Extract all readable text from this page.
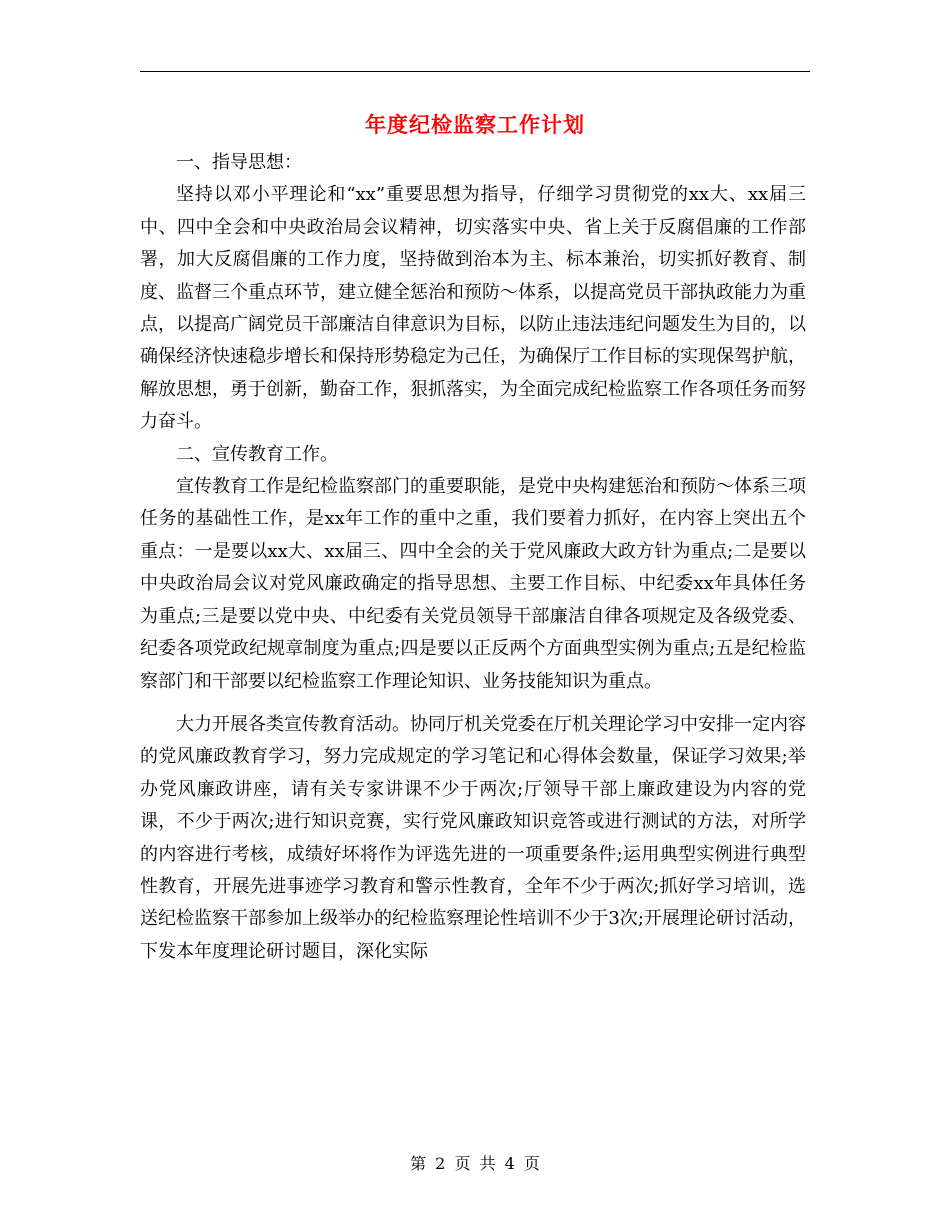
年度纪检监察工作计划

一、指导思想：

坚持以邓小平理论和“xx”重要思想为指导，仔细学习贯彻党的xx大、xx届三中、四中全会和中央政治局会议精神，切实落实中央、省上关于反腐倡廉的工作部署，加大反腐倡廉的工作力度，坚持做到治本为主、标本兼治，切实抓好教育、制度、监督三个重点环节，建立健全惩治和预防～体系，以提高党员干部执政能力为重点，以提高广阔党员干部廉洁自律意识为目标，以防止违法违纪问题发生为目的，以确保经济快速稳步增长和保持形势稳定为己任，为确保厅工作目标的实现保驾护航，解放思想，勇于创新，勤奋工作，狠抓落实，为全面完成纪检监察工作各项任务而努力奋斗。

二、宣传教育工作。

宣传教育工作是纪检监察部门的重要职能，是党中央构建惩治和预防～体系三项任务的基础性工作，是xx年工作的重中之重，我们要着力抓好，在内容上突出五个重点：一是要以xx大、xx届三、四中全会的关于党风廉政大政方针为重点;二是要以中央政治局会议对党风廉政确定的指导思想、主要工作目标、中纪委xx年具体任务为重点;三是要以党中央、中纪委有关党员领导干部廉洁自律各项规定及各级党委、纪委各项党政纪规章制度为重点;四是要以正反两个方面典型实例为重点;五是纪检监察部门和干部要以纪检监察工作理论知识、业务技能知识为重点。

大力开展各类宣传教育活动。协同厅机关党委在厅机关理论学习中安排一定内容的党风廉政教育学习，努力完成规定的学习笔记和心得体会数量，保证学习效果;举办党风廉政讲座，请有关专家讲课不少于两次;厅领导干部上廉政建设为内容的党课，不少于两次;进行知识竞赛，实行党风廉政知识竞答或进行测试的方法，对所学的内容进行考核，成绩好坏将作为评选先进的一项重要条件;运用典型实例进行典型性教育，开展先进事迹学习教育和警示性教育，全年不少于两次;抓好学习培训，选送纪检监察干部参加上级举办的纪检监察理论性培训不少于3次;开展理论研讨活动，下发本年度理论研讨题目，深化实际

第 2 页 共 4 页
